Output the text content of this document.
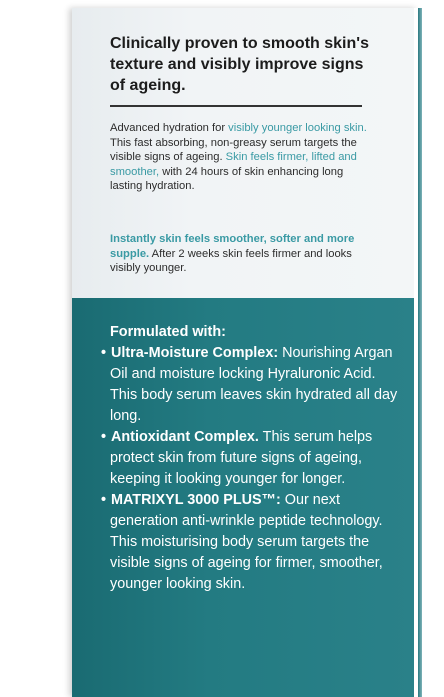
Clinically proven to smooth skin's texture and visibly improve signs of ageing.

Advanced hydration for visibly younger looking skin. This fast absorbing, non-greasy serum targets the visible signs of ageing. Skin feels firmer, lifted and smoother, with 24 hours of skin enhancing long lasting hydration.

Instantly skin feels smoother, softer and more supple. After 2 weeks skin feels firmer and looks visibly younger.

Formulated with:
• Ultra-Moisture Complex: Nourishing Argan Oil and moisture locking Hyraluronic Acid. This body serum leaves skin hydrated all day long.
• Antioxidant Complex. This serum helps protect skin from future signs of ageing, keeping it looking younger for longer.
• MATRIXYL 3000 PLUS™: Our next generation anti-wrinkle peptide technology. This moisturising body serum targets the visible signs of ageing for firmer, smoother, younger looking skin.
